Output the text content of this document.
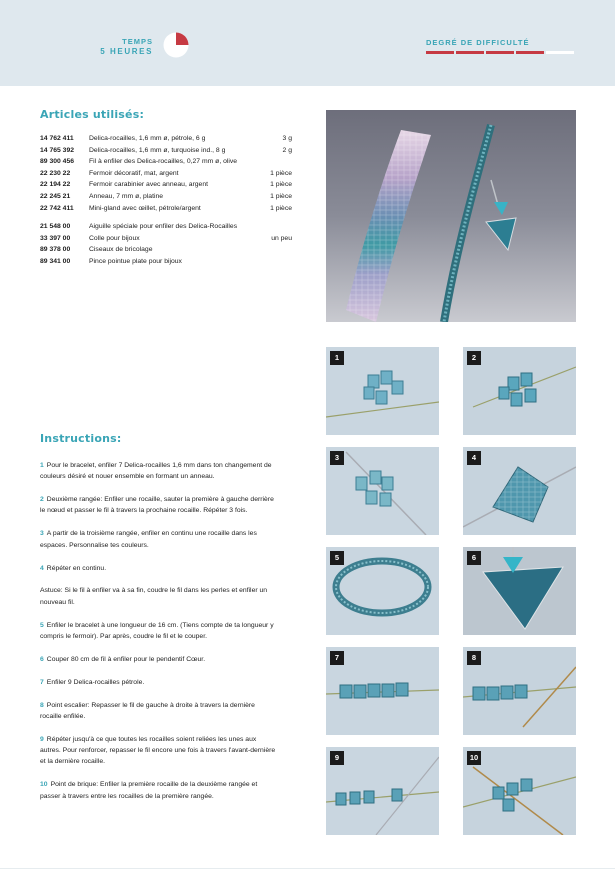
TEMPS
5 HEURES
DEGRÉ DE DIFFICULTÉ
Articles utilisés:
14 762 411	Delica-rocailles, 1,6 mm ø, pétrole, 6 g	3 g
14 765 392	Delica-rocailles, 1,6 mm ø, turquoise ind., 8 g	2 g
89 300 456	Fil à enfiler des Delica-rocailles, 0,27 mm ø, olive
22 230 22	Fermoir décoratif, mat, argent	1 pièce
22 194 22	Fermoir carabinier avec anneau, argent	1 pièce
22 245 21	Anneau, 7 mm ø, platine	1 pièce
22 742 411	Mini-gland avec œillet, pétrole/argent	1 pièce
21 548 00	Aiguille spéciale pour enfiler des Delica-Rocailles
33 397 00	Colle pour bijoux	un peu
89 378 00	Ciseaux de bricolage
89 341 00	Pince pointue plate pour bijoux
Instructions:

1 Pour le bracelet, enfiler 7 Delica-rocailles 1,6 mm dans ton changement de couleurs désiré et nouer ensemble en formant un anneau.

2 Deuxième rangée: Enfiler une rocaille, sauter la première à gauche derrière le nœud et passer le fil à travers la prochaine rocaille. Répéter 3 fois.

3 A partir de la troisième rangée, enfiler en continu une rocaille dans les espaces. Personnalise tes couleurs.

4 Répéter en continu.

Astuce: Si le fil à enfiler va à sa fin, coudre le fil dans les perles et enfiler un nouveau fil.

5 Enfiler le bracelet à une longueur de 16 cm. (Tiens compte de ta longueur y compris le fermoir). Par après, coudre le fil et le couper.

6 Couper 80 cm de fil à enfiler pour le pendentif Cœur.

7 Enfiler 9 Delica-rocailles pétrole.

8 Point escalier: Repasser le fil de gauche à droite à travers la dernière rocaille enfilée.

9 Répéter jusqu'à ce que toutes les rocailles soient reliées les unes aux autres. Pour renforcer, repasser le fil encore une fois à travers l'avant-dernière et la dernière rocaille.

10 Point de brique: Enfiler la première rocaille de la deuxième rangée et passer à travers entre les rocailles de la première rangée.

1	2
3	4
5	6
7	8
9	10
